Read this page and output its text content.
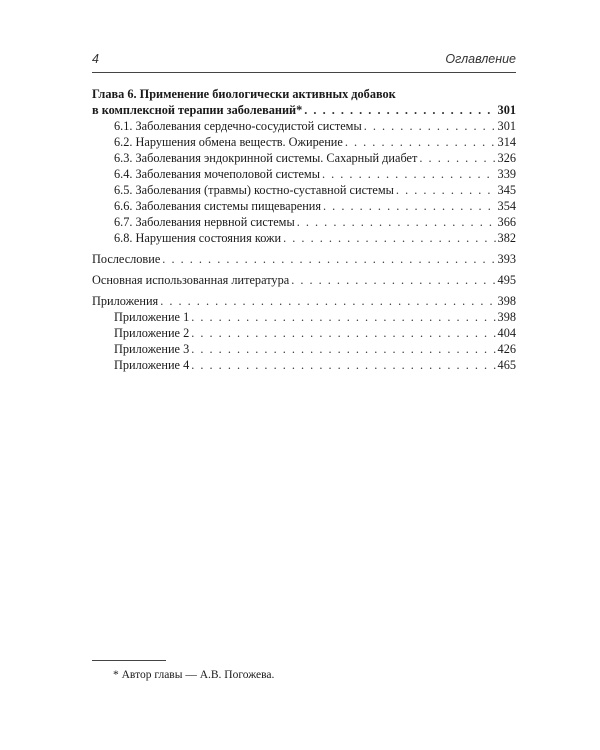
4	Оглавление
Глава 6. Применение биологически активных добавок
в комплексной терапии заболеваний* . . .	301
6.1. Заболевания сердечно-сосудистой системы . . .	301
6.2. Нарушения обмена веществ. Ожирение . . .	314
6.3. Заболевания эндокринной системы. Сахарный диабет . . .	326
6.4. Заболевания мочеполовой системы . . .	339
6.5. Заболевания (травмы) костно-суставной системы . . .	345
6.6. Заболевания системы пищеварения . . .	354
6.7. Заболевания нервной системы . . .	366
6.8. Нарушения состояния кожи . . .	382
Послесловие . . .	393
Основная использованная литература . . .	495
Приложения . . .	398
Приложение 1 . . .	398
Приложение 2 . . .	404
Приложение 3 . . .	426
Приложение 4 . . .	465
* Автор главы — А.В. Погожева.
